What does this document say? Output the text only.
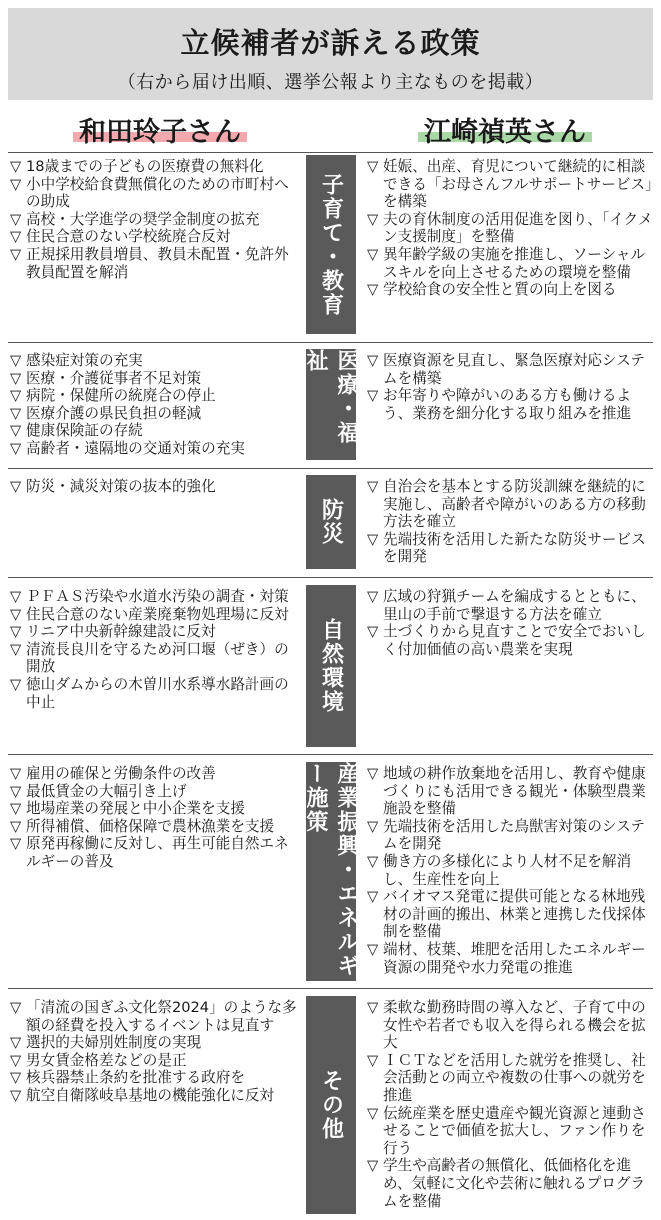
立候補者が訴える政策
（右から届け出順、選挙公報より主なものを掲載）
和田玲子さん	江崎禎英さん
▽ 18歳までの子どもの医療費の無料化
▽ 小中学校給食費無償化のための市町村への助成
▽ 高校・大学進学の奨学金制度の拡充
▽ 住民合意のない学校統廃合反対
▽ 正規採用教員増員、教員未配置・免許外教員配置を解消
▽ 妊娠、出産、育児について継続的に相談できる「お母さんフルサポートサービス」を構築
▽ 夫の育休制度の活用促進を図り、「イクメン支援制度」を整備
▽ 異年齢学級の実施を推進し、ソーシャルスキルを向上させるための環境を整備
▽ 学校給食の安全性と質の向上を図る
子育て・教育
▽ 感染症対策の充実
▽ 医療・介護従事者不足対策
▽ 病院・保健所の統廃合の停止
▽ 医療介護の県民負担の軽減
▽ 健康保険証の存続
▽ 高齢者・遠隔地の交通対策の充実
▽ 医療資源を見直し、緊急医療対応システムを構築
▽ お年寄りや障がいのある方も働けるよう、業務を細分化する取り組みを推進
医療・福祉
▽ 防災・減災対策の抜本的強化
▽	自治会を基本とする防災訓練を継続的に実施し、高齢者や障がいのある方の移動方法を確立
▽ 先端技術を活用した新たな防災サービスを開発
防災
▽ ＰＦＡＳ汚染や水道水汚染の調査・対策
▽ 住民合意のない産業廃棄物処理場に反対
▽ リニア中央新幹線建設に反対
▽ 清流長良川を守るため河口堰（ぜき）の開放
▽ 徳山ダムからの木曽川水系導水路計画の中止
▽ 広域の狩猟チームを編成するとともに、里山の手前で撃退する方法を確立
▽ 土づくりから見直すことで安全でおいしく付加価値の高い農業を実現
自然環境
▽ 雇用の確保と労働条件の改善
▽ 最低賃金の大幅引き上げ
▽ 地場産業の発展と中小企業を支援
▽ 所得補償、価格保障で農林漁業を支援
▽ 原発再稼働に反対し、再生可能自然エネルギーの普及
▽ 地域の耕作放棄地を活用し、教育や健康づくりにも活用できる観光・体験型農業施設を整備
▽ 先端技術を活用した鳥獣害対策のシステムを開発
▽ 働き方の多様化により人材不足を解消し、生産性を向上
▽ バイオマス発電に提供可能となる林地残材の計画的搬出、林業と連携した伐採体制を整備
▽ 端材、枝葉、堆肥を活用したエネルギー資源の開発や水力発電の推進
産業振興・エネルギー施策
▽ 「清流の国ぎふ文化祭2024」のような多額の経費を投入するイベントは見直す
▽ 選択的夫婦別姓制度の実現
▽ 男女賃金格差などの是正
▽ 核兵器禁止条約を批准する政府を
▽ 航空自衛隊岐阜基地の機能強化に反対
▽ 柔軟な勤務時間の導入など、子育て中の女性や若者でも収入を得られる機会を拡大
▽ ＩＣＴなどを活用した就労を推奨し、社会活動との両立や複数の仕事への就労を推進
▽ 伝統産業を歴史遺産や観光資源と連動させることで価値を拡大し、ファン作りを行う
▽ 学生や高齢者の無償化、低価格化を進め、気軽に文化や芸術に触れるプログラムを整備
その他
